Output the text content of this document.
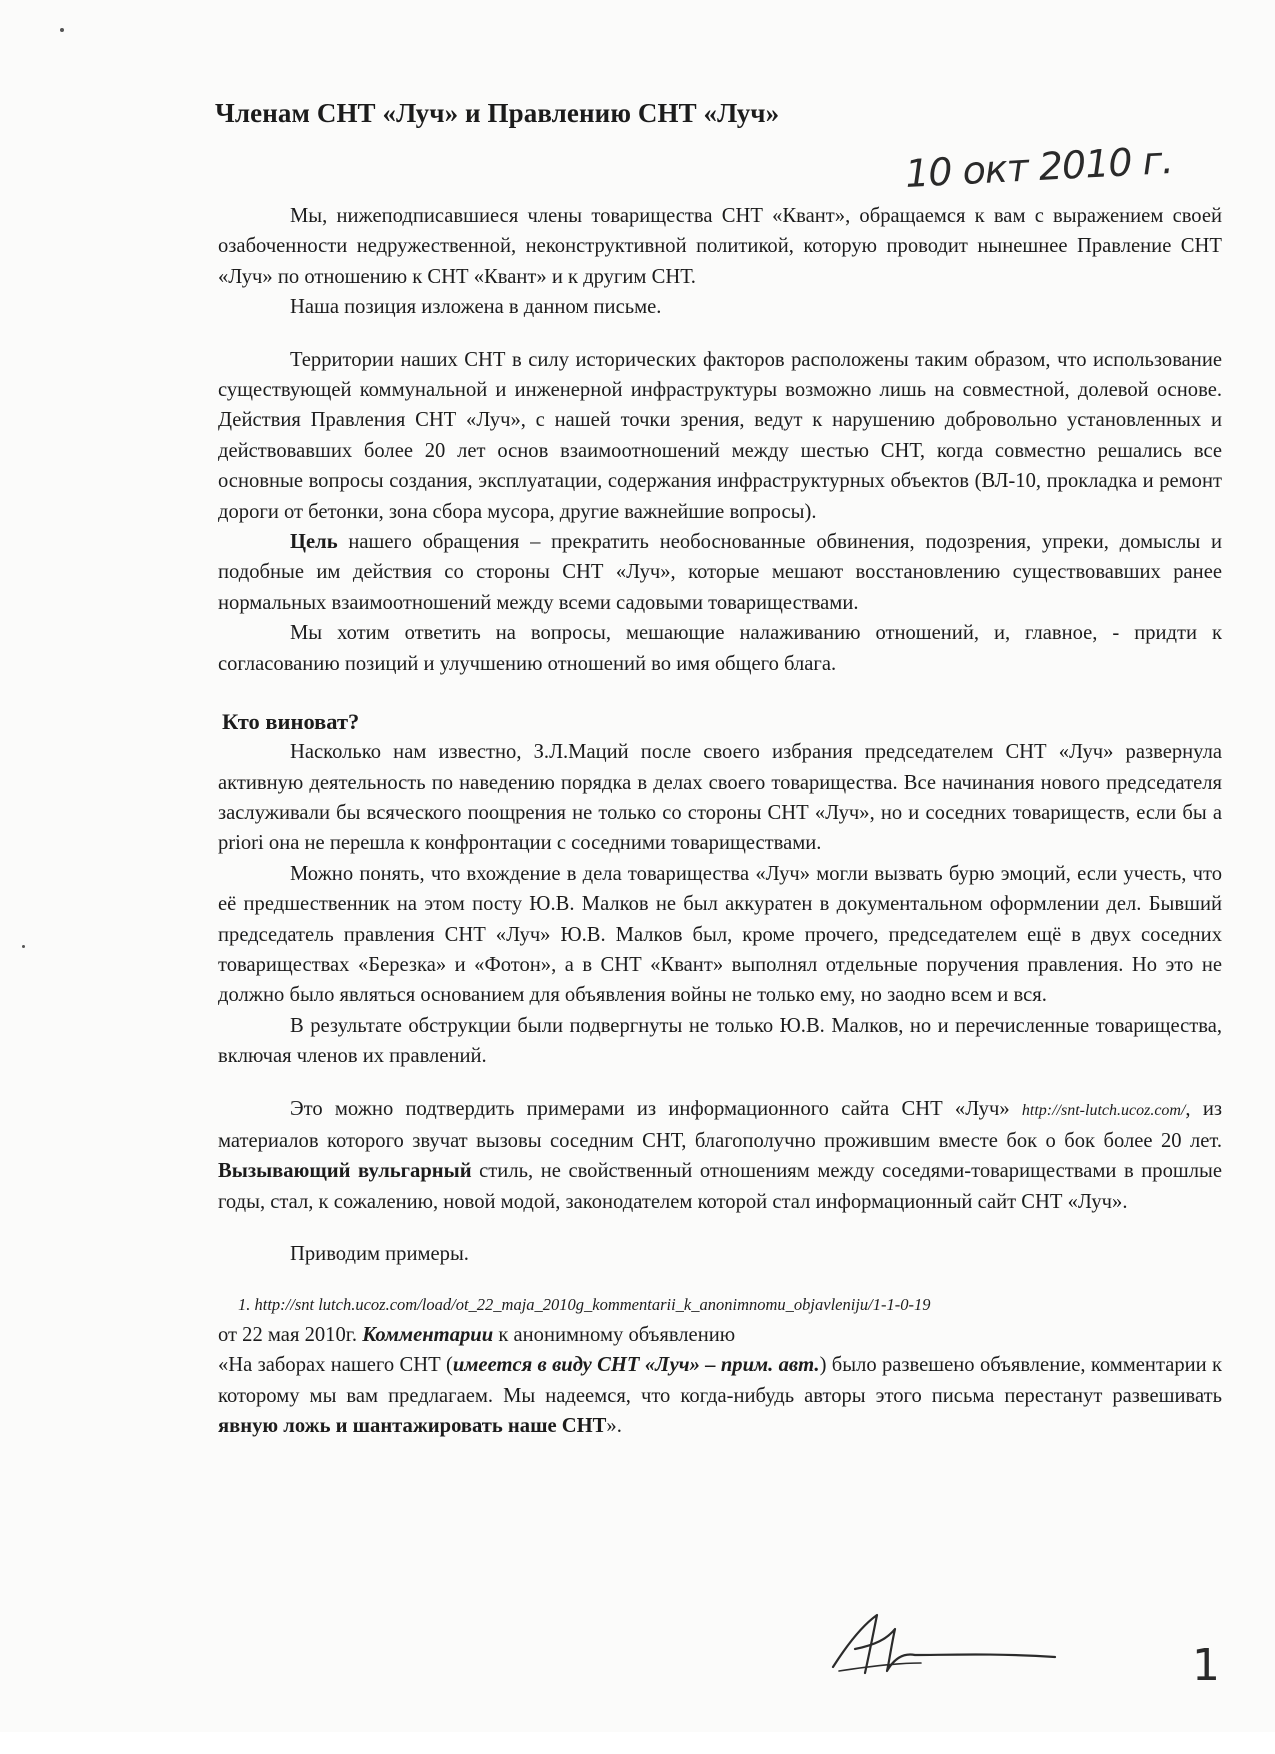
Членам СНТ «Луч» и Правлению СНТ «Луч»
10 окт 2010 г.

Мы, нижеподписавшиеся члены товарищества СНТ «Квант», обращаемся к вам с выражением своей озабоченности недружественной, неконструктивной политикой, которую проводит нынешнее Правление СНТ «Луч» по отношению к СНТ «Квант» и к другим СНТ.

Наша позиция изложена в данном письме.

Территории наших СНТ в силу исторических факторов расположены таким образом, что использование существующей коммунальной и инженерной инфраструктуры возможно лишь на совместной, долевой основе. Действия Правления СНТ «Луч», с нашей точки зрения, ведут к нарушению добровольно установленных и действовавших более 20 лет основ взаимоотношений между шестью СНТ, когда совместно решались все основные вопросы создания, эксплуатации, содержания инфраструктурных объектов (ВЛ-10, прокладка и ремонт дороги от бетонки, зона сбора мусора, другие важнейшие вопросы).

Цель нашего обращения – прекратить необоснованные обвинения, подозрения, упреки, домыслы и подобные им действия со стороны СНТ «Луч», которые мешают восстановлению существовавших ранее нормальных взаимоотношений между всеми садовыми товариществами.

Мы хотим ответить на вопросы, мешающие налаживанию отношений, и, главное, - придти к согласованию позиций и улучшению отношений во имя общего блага.

Кто виноват?

Насколько нам известно, З.Л.Маций после своего избрания председателем СНТ «Луч» развернула активную деятельность по наведению порядка в делах своего товарищества. Все начинания нового председателя заслуживали бы всяческого поощрения не только со стороны СНТ «Луч», но и соседних товариществ, если бы a priori она не перешла к конфронтации с соседними товариществами.

Можно понять, что вхождение в дела товарищества «Луч» могли вызвать бурю эмоций, если учесть, что её предшественник на этом посту Ю.В. Малков не был аккуратен в документальном оформлении дел. Бывший председатель правления СНТ «Луч» Ю.В. Малков был, кроме прочего, председателем ещё в двух соседних товариществах «Березка» и «Фотон», а в СНТ «Квант» выполнял отдельные поручения правления. Но это не должно было являться основанием для объявления войны не только ему, но заодно всем и вся.

В результате обструкции были подвергнуты не только Ю.В. Малков, но и перечисленные товарищества, включая членов их правлений.

Это можно подтвердить примерами из информационного сайта СНТ «Луч» http://snt-lutch.ucoz.com/, из материалов которого звучат вызовы соседним СНТ, благополучно прожившим вместе бок о бок более 20 лет. Вызывающий вульгарный стиль, не свойственный отношениям между соседями-товариществами в прошлые годы, стал, к сожалению, новой модой, законодателем которой стал информационный сайт СНТ «Луч».

Приводим примеры.

1. http://snt lutch.ucoz.com/load/ot_22_maja_2010g_kommentarii_k_anonimnomu_objavleniju/1-1-0-19

от 22 мая 2010г. Комментарии к анонимному объявлению

«На заборах нашего СНТ (имеется в виду СНТ «Луч» – прим. авт.) было развешено объявление, комментарии к которому мы вам предлагаем. Мы надеемся, что когда-нибудь авторы этого письма перестанут развешивать явную ложь и шантажировать наше СНТ».

1
